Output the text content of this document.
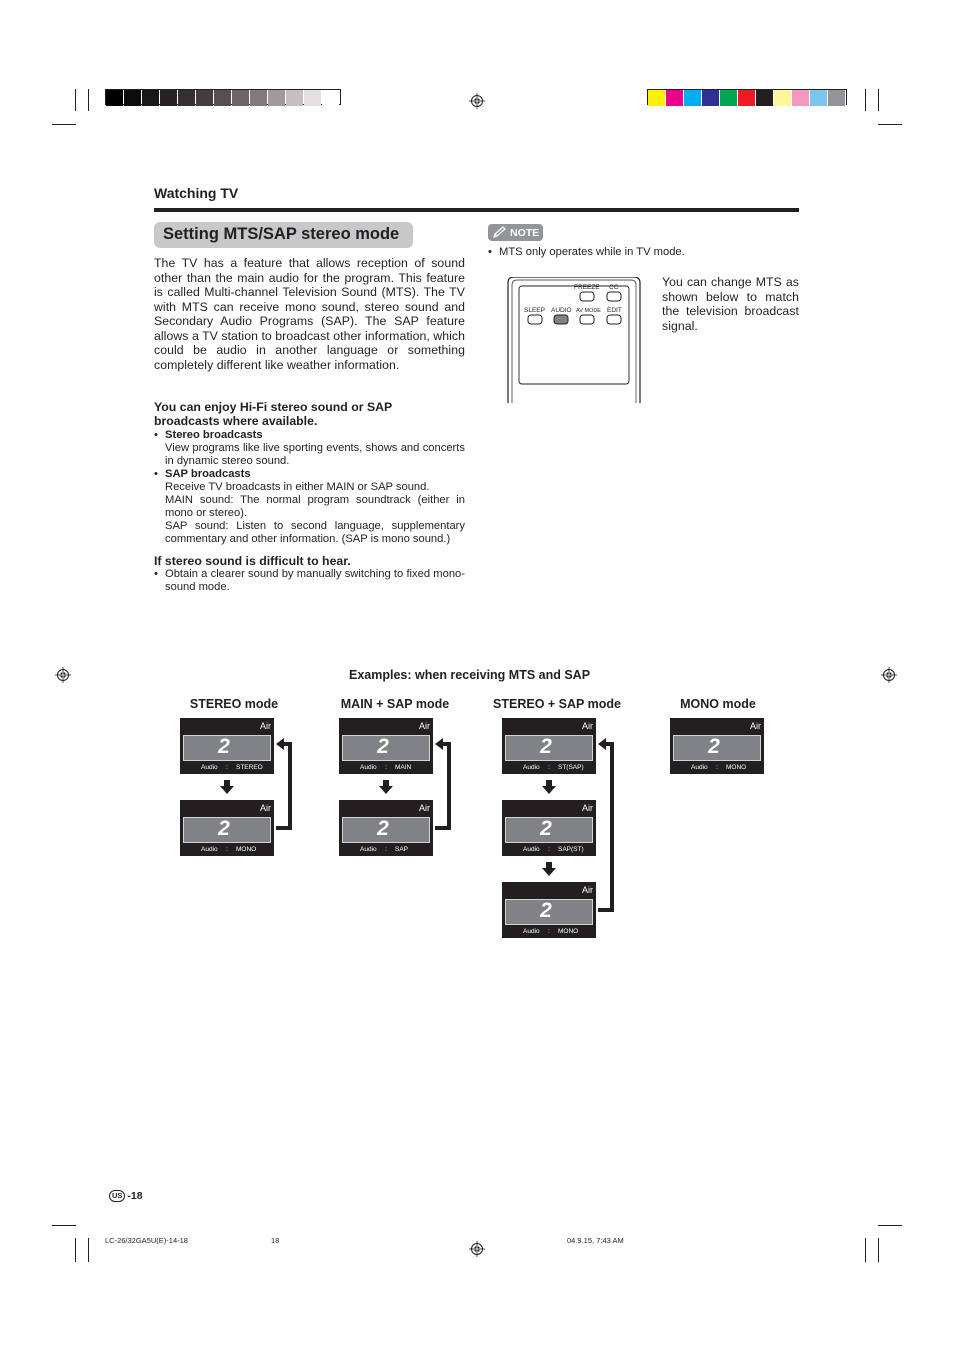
Watching TV
Setting MTS/SAP stereo mode
The TV has a feature that allows reception of sound other than the main audio for the program. This feature is called Multi-channel Television Sound (MTS). The TV with MTS can receive mono sound, stereo sound and Secondary Audio Programs (SAP). The SAP feature allows a TV station to broadcast other information, which could be audio in another language or something completely different like weather information.
You can enjoy Hi-Fi stereo sound or SAP
broadcasts where available.
• Stereo broadcasts
View programs like live sporting events, shows and concerts in dynamic stereo sound.
• SAP broadcasts
Receive TV broadcasts in either MAIN or SAP sound.
MAIN sound: The normal program soundtrack (either in mono or stereo).
SAP sound: Listen to second language, supplementary commentary and other information. (SAP is mono sound.)
If stereo sound is difficult to hear.
• Obtain a clearer sound by manually switching to fixed mono-sound mode.
NOTE
• MTS only operates while in TV mode.
FREEZE CC
SLEEP AUDIO AV MODE EDIT
You can change MTS as shown below to match the television broadcast signal.
Examples: when receiving MTS and SAP
STEREO mode
Air
2
Audio : STEREO
Air
2
Audio : MONO
MAIN + SAP mode
Air
2
Audio : MAIN
Air
2
Audio : SAP
STEREO + SAP mode
Air
2
Audio : ST(SAP)
Air
2
Audio : SAP(ST)
Air
2
Audio : MONO
MONO mode
Air
2
Audio : MONO
US -18
LC-26/32GA5U(E)-14-18	18	04.9.15, 7:43 AM
